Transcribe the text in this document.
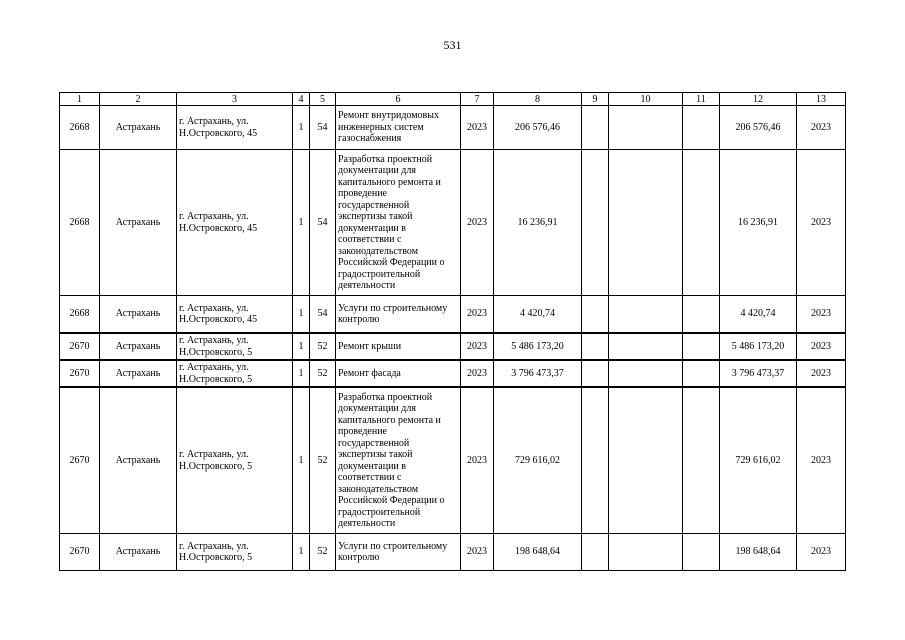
531
1	2	3	4	5	6	7	8	9	10	11	12	13
2668	Астрахань	г. Астрахань, ул. Н.Островского, 45	1	54	Ремонт внутридомовых инженерных систем газоснабжения	2023	206 576,46				206 576,46	2023
2668	Астрахань	г. Астрахань, ул. Н.Островского, 45	1	54	Разработка проектной документации для капитального ремонта и проведение государственной экспертизы такой документации в соответствии с законодательством Российской Федерации о градостроительной деятельности	2023	16 236,91				16 236,91	2023
2668	Астрахань	г. Астрахань, ул. Н.Островского, 45	1	54	Услуги по строительному контролю	2023	4 420,74				4 420,74	2023
2670	Астрахань	г. Астрахань, ул. Н.Островского, 5	1	52	Ремонт крыши	2023	5 486 173,20				5 486 173,20	2023
2670	Астрахань	г. Астрахань, ул. Н.Островского, 5	1	52	Ремонт фасада	2023	3 796 473,37				3 796 473,37	2023
2670	Астрахань	г. Астрахань, ул. Н.Островского, 5	1	52	Разработка проектной документации для капитального ремонта и проведение государственной экспертизы такой документации в соответствии с законодательством Российской Федерации о градостроительной деятельности	2023	729 616,02				729 616,02	2023
2670	Астрахань	г. Астрахань, ул. Н.Островского, 5	1	52	Услуги по строительному контролю	2023	198 648,64				198 648,64	2023
